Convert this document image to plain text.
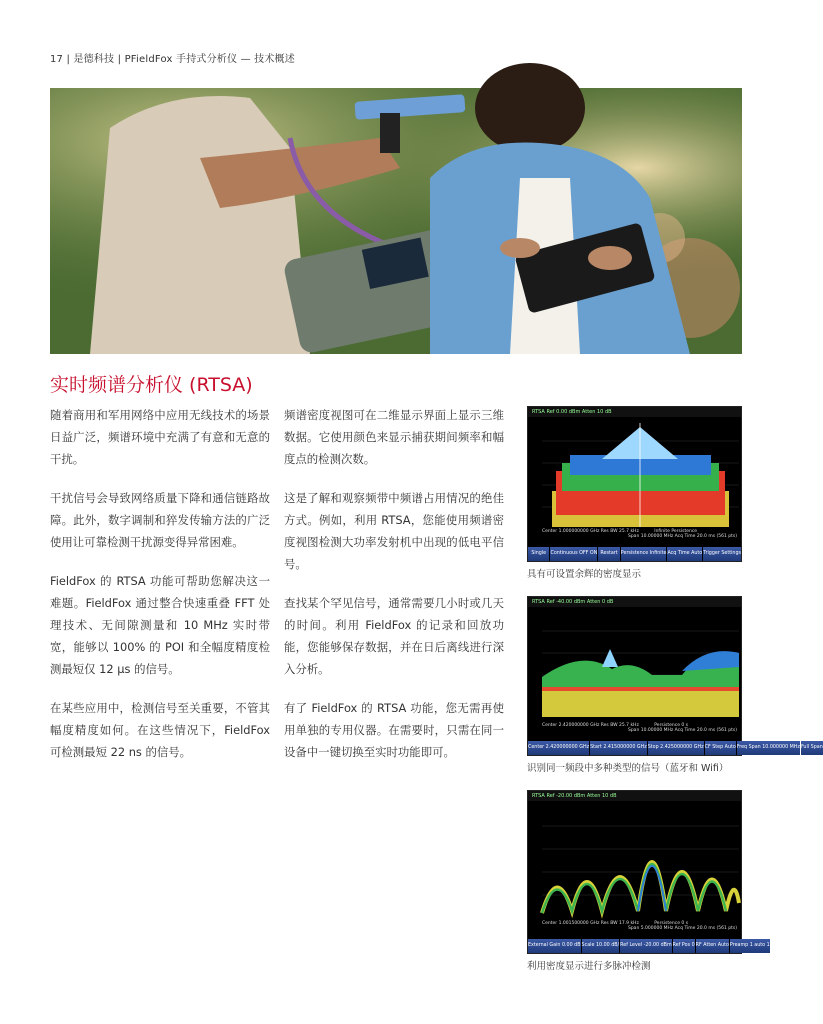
17 | 是德科技 | PFieldFox 手持式分析仪 — 技术概述
实时频谱分析仪 (RTSA)

随着商用和军用网络中应用无线技术的场景日益广泛，频谱环境中充满了有意和无意的干扰。

干扰信号会导致网络质量下降和通信链路故障。此外，数字调制和猝发传输方法的广泛使用让可靠检测干扰源变得异常困难。

FieldFox 的 RTSA 功能可帮助您解决这一难题。FieldFox 通过整合快速重叠 FFT 处理技术、无间隙测量和 10 MHz 实时带宽，能够以 100% 的 POI 和全幅度精度检测最短仅 12 μs 的信号。

在某些应用中，检测信号至关重要，不管其幅度精度如何。在这些情况下，FieldFox 可检测最短 22 ns 的信号。

频谱密度视图可在二维显示界面上显示三维数据。它使用颜色来显示捕获期间频率和幅度点的检测次数。

这是了解和观察频带中频谱占用情况的绝佳方式。例如，利用 RTSA，您能使用频谱密度视图检测大功率发射机中出现的低电平信号。

查找某个罕见信号，通常需要几小时或几天的时间。利用 FieldFox 的记录和回放功能，您能够保存数据，并在日后离线进行深入分析。

有了 FieldFox 的 RTSA 功能，您无需再使用单独的专用仪器。在需要时，只需在同一设备中一键切换至实时功能即可。

RTSA Ref 0.00 dBm Atten 10 dB
Center 1.000000000 GHz Res BW 25.7 kHz	Infinite Persistence
Span 10.00000 MHz Acq Time 20.0 ms (561 pts)
Single Continuous OFF ON Restart Persistence Infinite Acq Time Auto Trigger Settings
具有可设置余辉的密度显示
RTSA Ref -40.00 dBm Atten 0 dB
Center 2.420000000 GHz Res BW 25.7 kHz	Persistence 0 s
Span 10.00000 MHz Acq Time 20.0 ms (561 pts)
Center 2.420000000 GHz Start 2.415000000 GHz Stop 2.425000000 GHz CF Step Auto Freq Span 10.000000 MHz Full Span
识别同一频段中多种类型的信号（蓝牙和 Wifi）
RTSA Ref -20.00 dBm Atten 10 dB
Center 1.001500000 GHz Res BW 17.9 kHz	Persistence 0 s
Span 5.000000 MHz Acq Time 20.0 ms (561 pts)
External Gain 0.00 dB Scale 10.00 dB/ Ref Level -20.00 dBm Ref Pos 0 RF Atten Auto Preamp 1 auto 1
利用密度显示进行多脉冲检测
